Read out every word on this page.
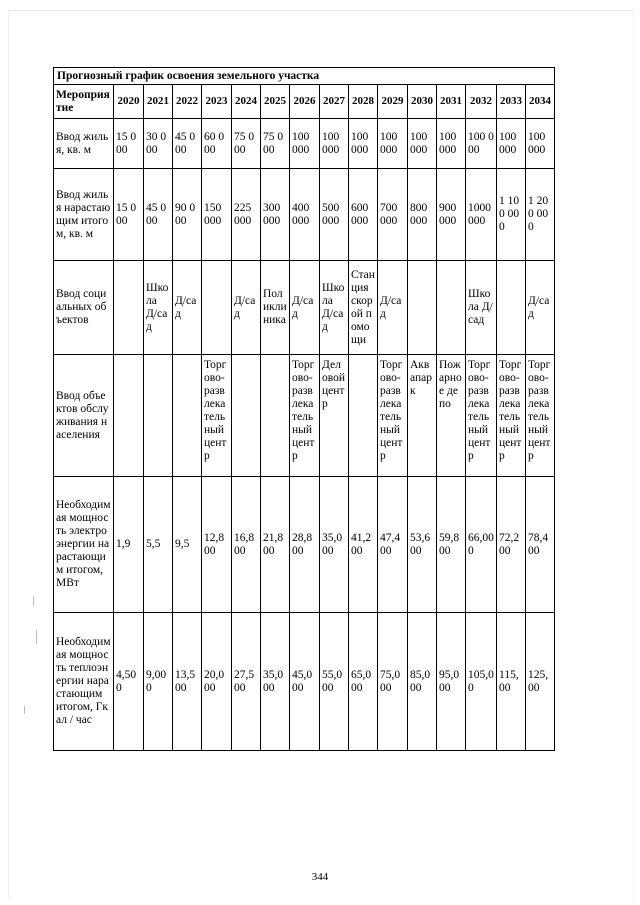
Прогнозный график освоения земельного участка															
Мероприятие	2020	2021	2022	2023	2024	2025	2026	2027	2028	2029	2030	2031	2032	2033	2034
Ввод жилья, кв. м	15 000	30 000	45 000	60 000	75 000	75 000	100 000	100 000	100 000	100 000	100 000	100 000	100 000	100 000	100 000
Ввод жилья нарастающим итогом, кв. м	15 000	45 000	90 000	150 000	225 000	300 000	400 000	500 000	600 000	700 000	800 000	900 000	1000 000	1 100 000	1 200 000
Ввод социальных объектов		Школа Д/сад	Д/сад		Д/сад	Поликлиника	Д/сад	Школа Д/сад	Станция скорой помощи	Д/сад			Школа Д/сад		Д/сад
Ввод объектов обслуживания населения				Торгово-развлекательный центр			Торгово-развлекательный центр	Деловой центр		Торгово-развлекательный центр	Аквапарк	Пожарное депо	Торгово-развлекательный центр	Торгово-развлекательный центр	Торгово-развлекательный центр
Необходимая мощность электроэнергии нарастающим итогом, МВт	1,9	5,5	9,5	12,800	16,800	21,800	28,800	35,000	41,200	47,400	53,600	59,800	66,000	72,200	78,400
Необходимая мощность теплоэнергии нарастающим итогом, Гкал / час	4,500	9,000	13,500	20,000	27,500	35,000	45,000	55,000	65,000	75,000	85,000	95,000	105,00	115,00	125,00
344
